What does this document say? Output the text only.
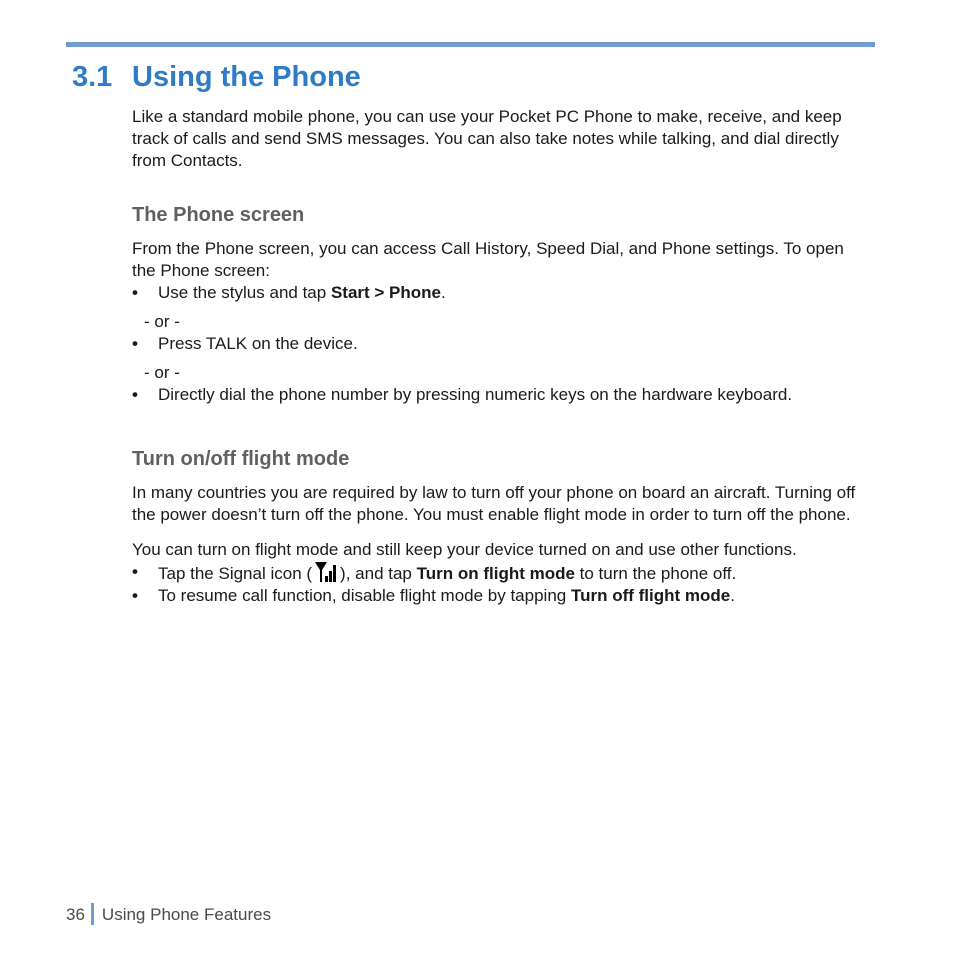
3.1 Using the Phone

Like a standard mobile phone, you can use your Pocket PC Phone to make, receive, and keep track of calls and send SMS messages. You can also take notes while talking, and dial directly from Contacts.

The Phone screen

From the Phone screen, you can access Call History, Speed Dial, and Phone settings. To open the Phone screen:

• Use the stylus and tap Start > Phone.

- or -

• Press TALK on the device.

- or -

• Directly dial the phone number by pressing numeric keys on the hardware keyboard.

Turn on/off flight mode

In many countries you are required by law to turn off your phone on board an aircraft. Turning off the power doesn’t turn off the phone. You must enable flight mode in order to turn off the phone.

You can turn on flight mode and still keep your device turned on and use other functions.

• Tap the Signal icon ( ), and tap Turn on flight mode to turn the phone off.

• To resume call function, disable flight mode by tapping Turn off flight mode.

36 Using Phone Features
